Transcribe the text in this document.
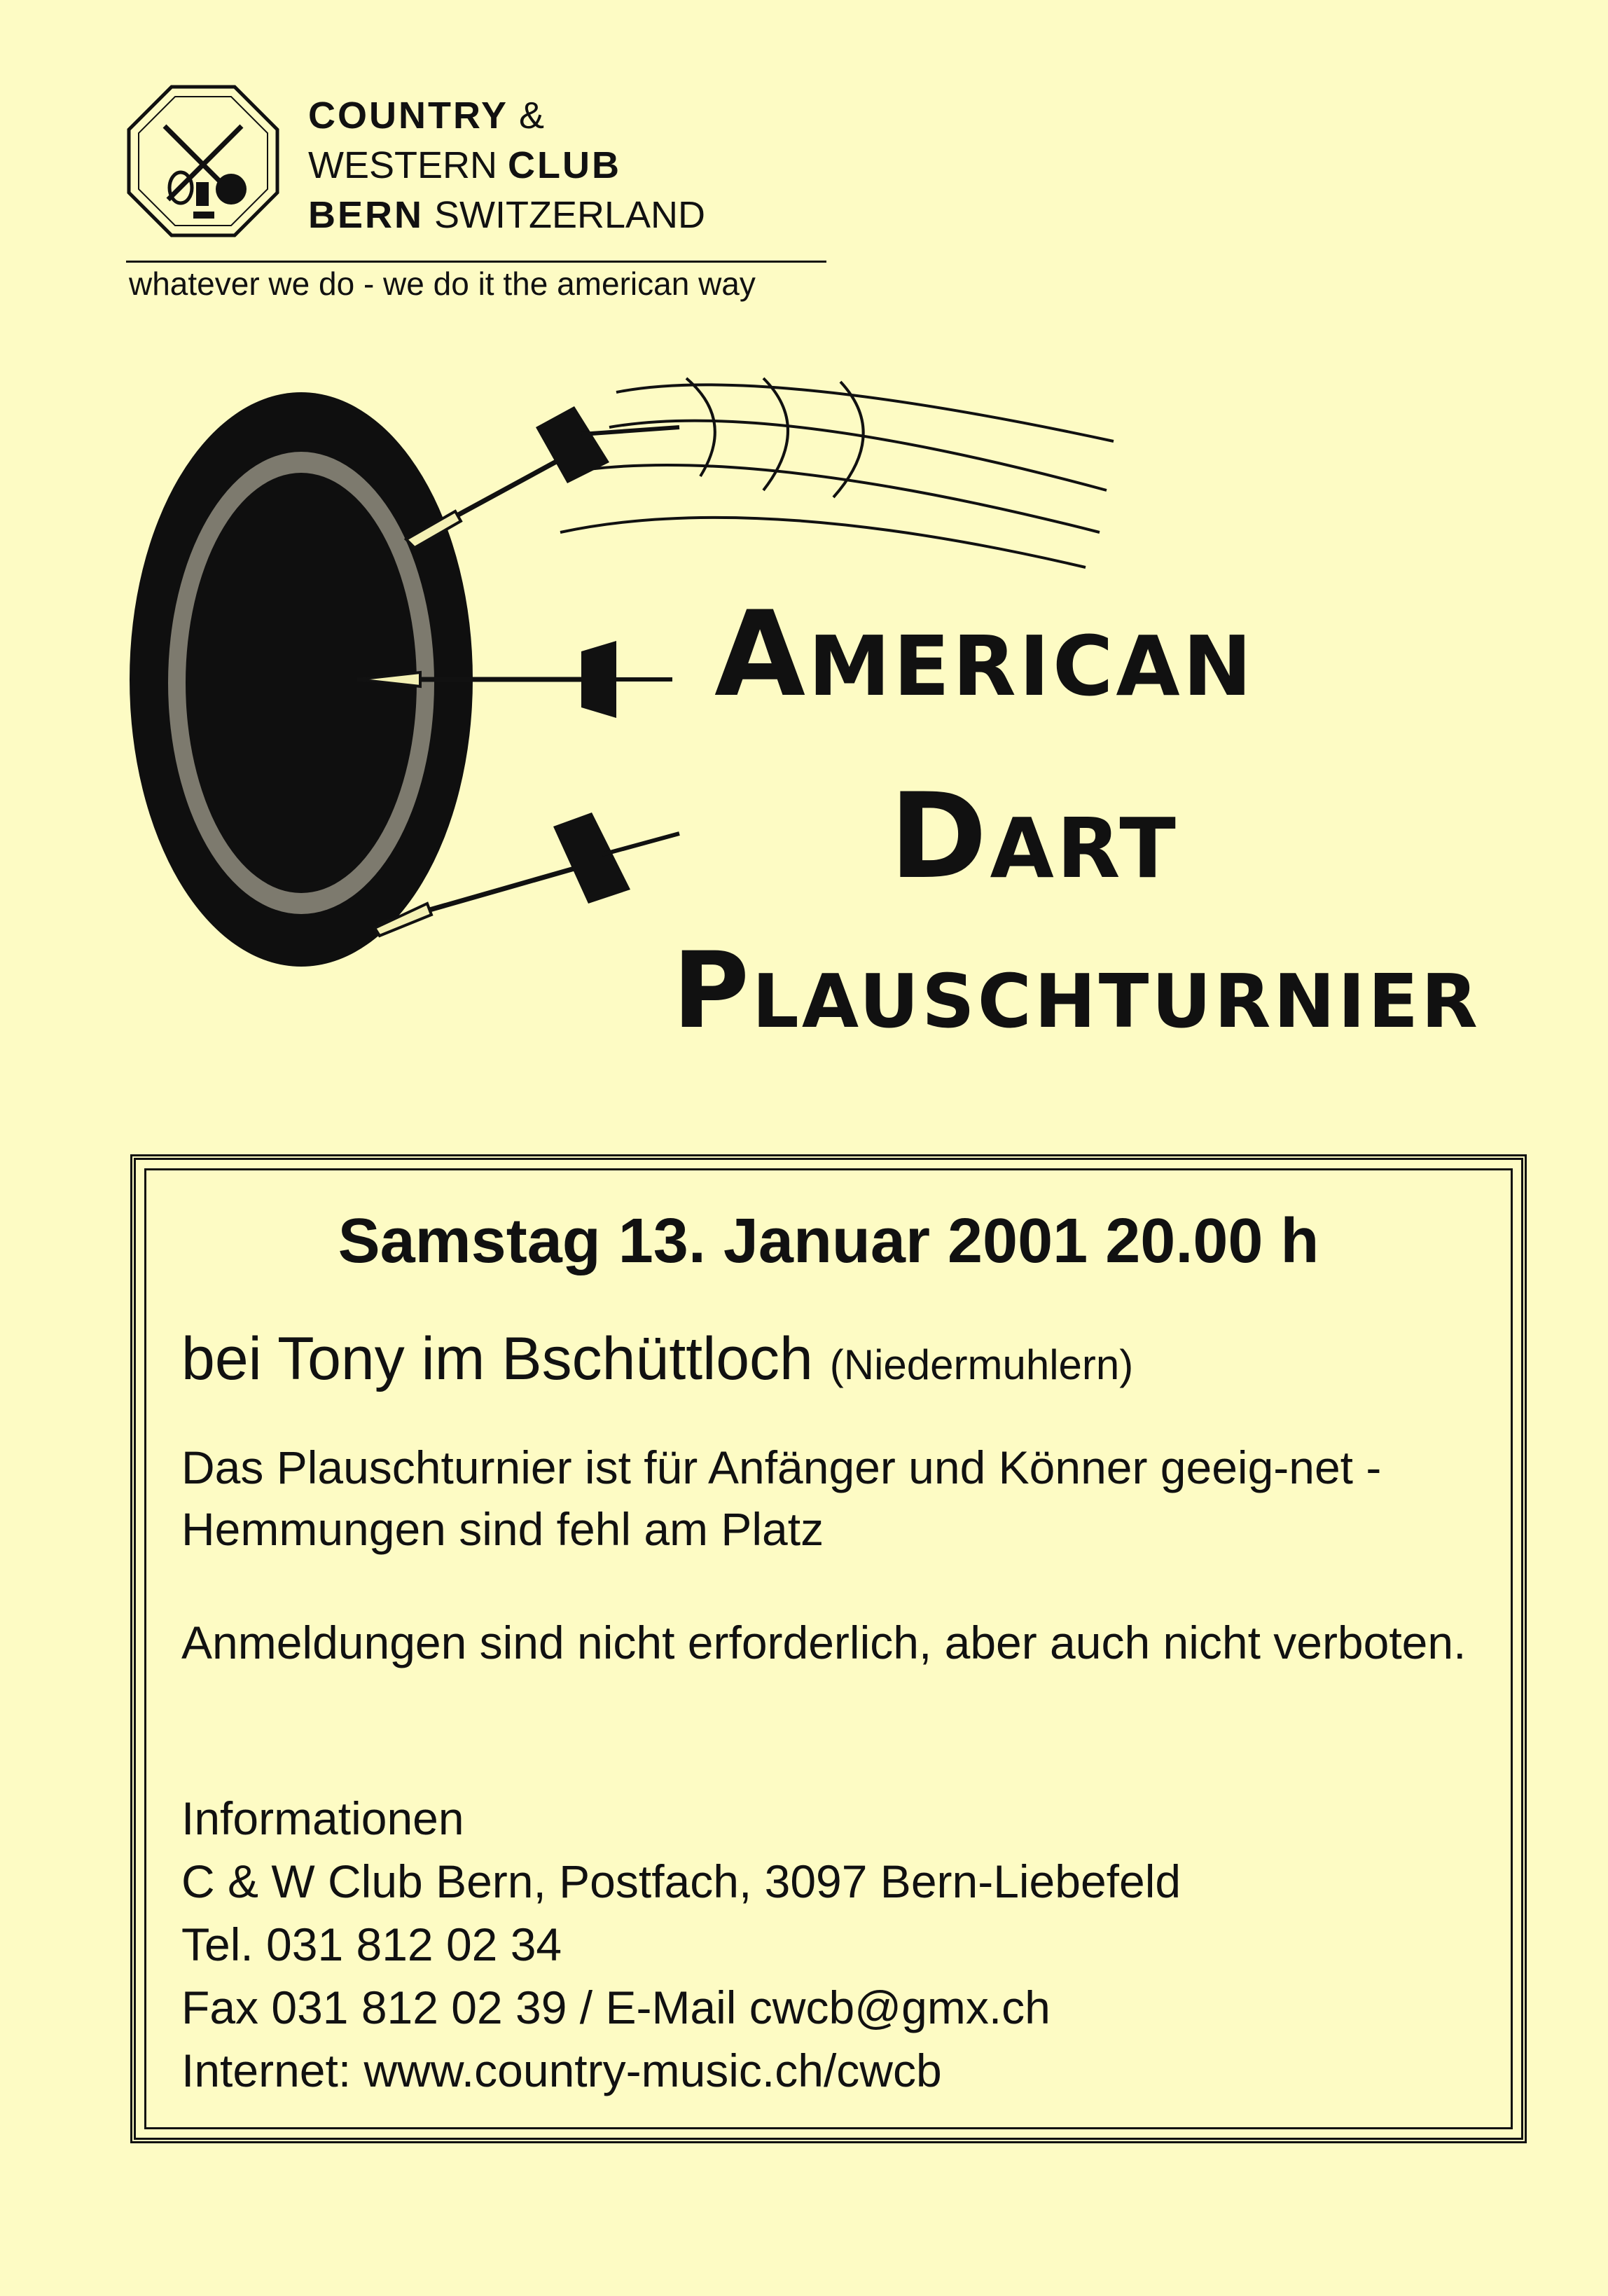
COUNTRY &
WESTERN CLUB
BERN SWITZERLAND
whatever we do - we do it the american way
American
Dart
Plauschturnier
Samstag 13. Januar 2001 20.00 h
bei Tony im Bschüttloch (Niedermuhlern)
Das Plauschturnier ist für Anfänger und Könner geeig-net - Hemmungen sind fehl am Platz
Anmeldungen sind nicht erforderlich, aber auch nicht verboten.
Informationen
C & W Club Bern, Postfach, 3097 Bern-Liebefeld
Tel. 031 812 02 34
Fax 031 812 02 39 / E-Mail cwcb@gmx.ch
Internet: www.country-music.ch/cwcb
